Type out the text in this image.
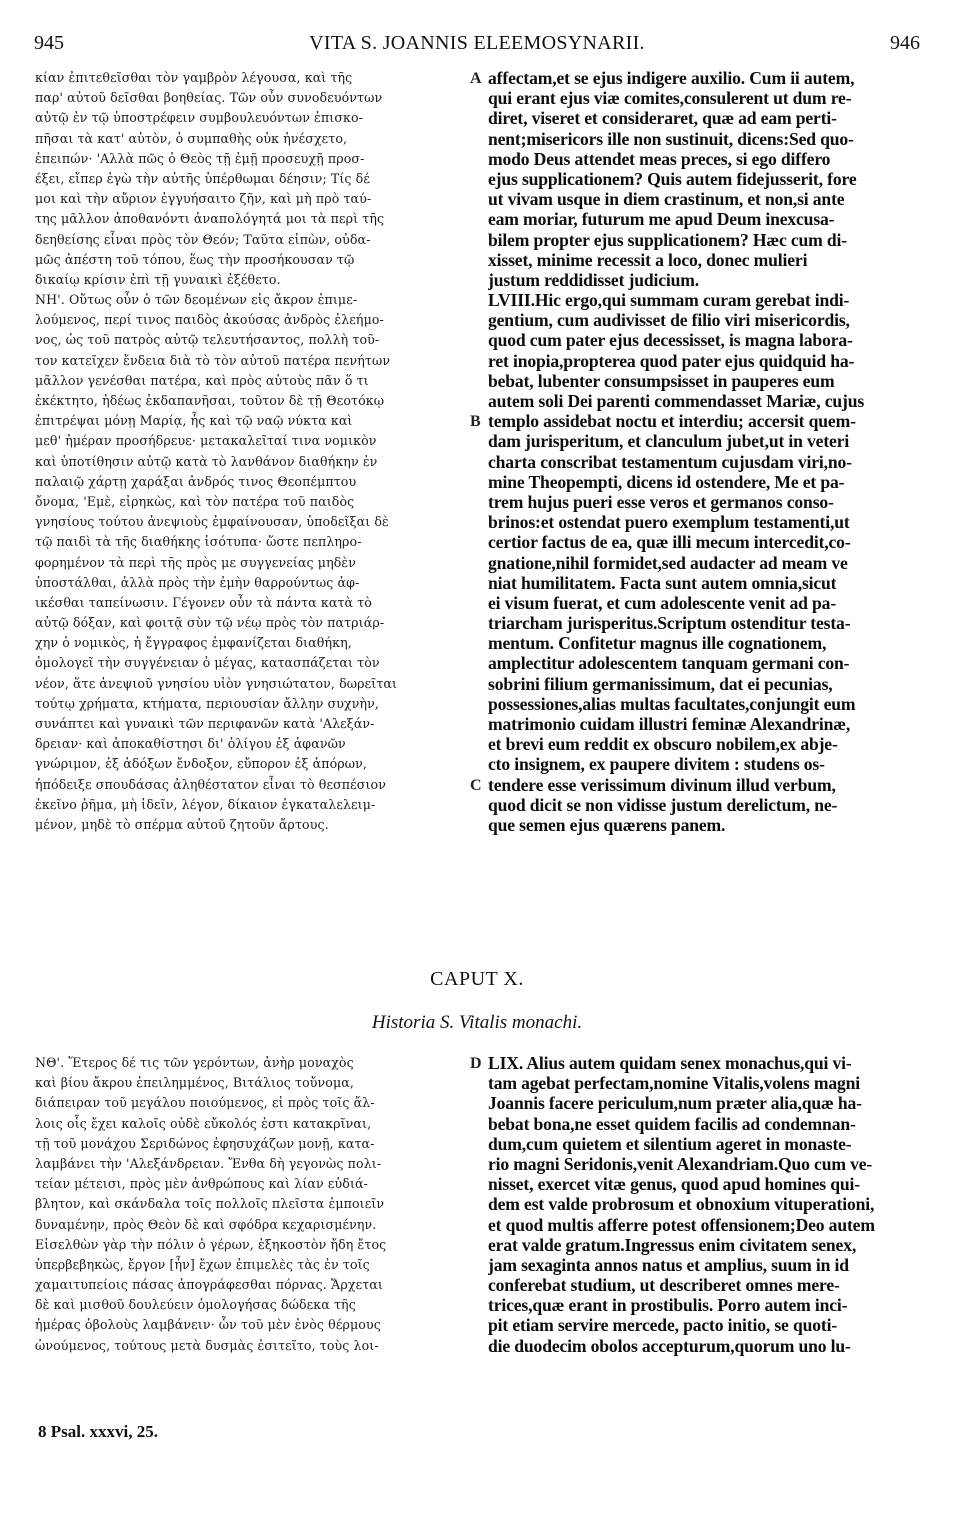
945	VITA S. JOANNIS ELEEMOSYNARII.	946
κίαν ἐπιτεθεῖσθαι τὸν γαμβρὸν λέγουσα, καὶ τῆς
παρ' αὐτοῦ δεῖσθαι βοηθείας. Τῶν οὖν συνοδευόντων
αὐτῷ ἐν τῷ ὑποστρέφειν συμβουλευόντων ἐπισκο-
πῆσαι τὰ κατ' αὐτὸν, ὁ συμπαθὴς οὐκ ἠνέσχετο,
ἐπειπών· 'Αλλὰ πῶς ὁ Θεὸς τῇ ἐμῇ προσευχῇ προσ-
έξει, εἴπερ ἐγὼ τὴν αὐτῆς ὑπέρθωμαι δέησιν; Τίς δέ
μοι καὶ τὴν αὔριον ἐγγυήσαιτο ζῆν, καὶ μὴ πρὸ ταύ-
της μᾶλλον ἀποθανόντι ἀναπολόγητά μοι τὰ περὶ τῆς
δεηθείσης εἶναι πρὸς τὸν Θεόν; Ταῦτα εἰπὼν, οὐδα-
μῶς ἀπέστη τοῦ τόπου, ἕως τὴν προσήκουσαν τῷ
δικαίῳ κρίσιν ἐπὶ τῇ γυναικὶ ἐξέθετο.
ΝΗ'. Οὕτως οὖν ὁ τῶν δεομένων εἰς ἄκρον ἐπιμε-
λούμενος, περί τινος παιδὸς ἀκούσας ἀνδρὸς ἐλεήμο-
νος, ὡς τοῦ πατρὸς αὐτῷ τελευτήσαντος, πολλὴ τοῦ-
τον κατεῖχεν ἔνδεια διὰ τὸ τὸν αὐτοῦ πατέρα πενήτων
μᾶλλον γενέσθαι πατέρα, καὶ πρὸς αὐτοὺς πᾶν ὅ τι
ἐκέκτητο, ἡδέως ἐκδαπανῆσαι, τοῦτον δὲ τῇ Θεοτόκῳ
ἐπιτρέψαι μόνῃ Μαρίᾳ, ἧς καὶ τῷ ναῷ νύκτα καὶ
μεθ' ἡμέραν προσήδρευε· μετακαλεῖταί τινα νομικὸν
καὶ ὑποτίθησιν αὐτῷ κατὰ τὸ λανθάνον διαθήκην ἐν
παλαιῷ χάρτῃ χαράξαι ἀνδρός τινος Θεοπέμπτου
ὄνομα, 'Εμὲ, εἰρηκὼς, καὶ τὸν πατέρα τοῦ παιδὸς
γνησίους τούτου ἀνεψιοὺς ἐμφαίνουσαν, ὑποδεῖξαι δὲ
τῷ παιδὶ τὰ τῆς διαθήκης ἰσότυπα· ὥστε πεπληρο-
φορημένον τὰ περὶ τῆς πρὸς με συγγενείας μηδὲν
ὑποστάλθαι, ἀλλὰ πρὸς τὴν ἐμὴν θαρρούντως ἀφ-
ικέσθαι ταπείνωσιν. Γέγονεν οὖν τὰ πάντα κατὰ τὸ
αὐτῷ δόξαν, καὶ φοιτᾷ σὺν τῷ νέῳ πρὸς τὸν πατριάρ-
χην ὁ νομικὸς, ἡ ἔγγραφος ἐμφανίζεται διαθήκη,
ὁμολογεῖ τὴν συγγένειαν ὁ μέγας, κατασπάζεται τὸν
νέον, ἅτε ἀνεψιοῦ γνησίου υἱὸν γνησιώτατον, δωρεῖται
τούτῳ χρήματα, κτήματα, περιουσίαν ἄλλην συχνὴν,
συνάπτει καὶ γυναικὶ τῶν περιφανῶν κατὰ 'Αλεξάν-
δρειαν· καὶ ἀποκαθίστησι δι' ὀλίγου ἐξ ἀφανῶν
γνώριμον, ἐξ ἀδόξων ἔνδοξον, εὔπορον ἐξ ἀπόρων,
ἠπόδειξε σπουδάσας ἀληθέστατον εἶναι τὸ θεσπέσιον
ἐκεῖνο ῥῆμα, μὴ ἰδεῖν, λέγον, δίκαιον ἐγκαταλελειμ-
μένον, μηδὲ τὸ σπέρμα αὐτοῦ ζητοῦν ἄρτους.
affectam,et se ejus indigere auxilio. Cum ii autem,
qui erant ejus viæ comites,consulerent ut dum re-
diret, viseret et consideraret, quæ ad eam perti-
nent;misericors ille non sustinuit, dicens:Sed quo-
modo Deus attendet meas preces, si ego differo
ejus supplicationem? Quis autem fidejusserit, fore
ut vivam usque in diem crastinum, et non,si ante
eam moriar, futurum me apud Deum inexcusa-
bilem propter ejus supplicationem? Hæc cum di-
xisset, minime recessit a loco, donec mulieri
justum reddidisset judicium.
LVIII.Hic ergo,qui summam curam gerebat indi-
gentium, cum audivisset de filio viri misericordis,
quod cum pater ejus decessisset, is magna labora-
ret inopia,propterea quod pater ejus quidquid ha-
bebat, lubenter consumpsisset in pauperes eum
autem soli Dei parenti commendasset Mariæ, cujus
templo assidebat noctu et interdiu; accersit quem-
dam jurisperitum, et clanculum jubet,ut in veteri
charta conscribat testamentum cujusdam viri,no-
mine Theopempti, dicens id ostendere, Me et pa-
trem hujus pueri esse veros et germanos conso-
brinos:et ostendat puero exemplum testamenti,ut
certior factus de ea, quæ illi mecum intercedit,co-
gnatione,nihil formidet,sed audacter ad meam ve
niat humilitatem. Facta sunt autem omnia,sicut
ei visum fuerat, et cum adolescente venit ad pa-
triarcham jurisperitus.Scriptum ostenditur testa-
mentum. Confitetur magnus ille cognationem,
amplectitur adolescentem tanquam germani con-
sobrini filium germanissimum, dat ei pecunias,
possessiones,alias multas facultates,conjungit eum
matrimonio cuidam illustri feminæ Alexandrinæ,
et brevi eum reddit ex obscuro nobilem,ex abje-
cto insignem, ex paupere divitem : studens os-
tendere esse verissimum divinum illud verbum,
quod dicit se non vidisse justum derelictum, ne-
que semen ejus quærens panem.
A
B
C
D
CAPUT X.
Historia S. Vitalis monachi.
ΝΘ'. Ἕτερος δέ τις τῶν γερόντων, ἀνὴρ μοναχὸς
καὶ βίου ἄκρου ἐπειλημμένος, Βιτάλιος τοὔνομα,
διάπειραν τοῦ μεγάλου ποιούμενος, εἰ πρὸς τοῖς ἄλ-
λοις οἷς ἔχει καλοῖς οὐδὲ εὔκολός ἐστι κατακρῖναι,
τῇ τοῦ μονάχου Σεριδώνος ἐφησυχάζων μονῇ, κατα-
λαμβάνει τὴν 'Αλεξάνδρειαν. Ἔνθα δὴ γεγονὼς πολι-
τείαν μέτεισι, πρὸς μὲν ἀνθρώπους καὶ λίαν εὐδιά-
βλητον, καὶ σκάνδαλα τοῖς πολλοῖς πλεῖστα ἐμποιεῖν
δυναμένην, πρὸς Θεὸν δὲ καὶ σφόδρα κεχαρισμένην.
Εἰσελθὼν γὰρ τὴν πόλιν ὁ γέρων, ἑξηκοστὸν ἤδη ἔτος
ὑπερβεβηκὼς, ἔργον [ἦν] ἔχων ἐπιμελὲς τὰς ἐν τοῖς
χαμαιτυπείοις πάσας ἀπογράφεσθαι πόρνας. Ἄρχεται
δὲ καὶ μισθοῦ δουλεύειν ὁμολογήσας δώδεκα τῆς
ἡμέρας ὀβολοὺς λαμβάνειν· ὧν τοῦ μὲν ἑνὸς θέρμους
ὠνούμενος, τούτους μετὰ δυσμὰς ἐσιτεῖτο, τοὺς λοι-
LIX. Alius autem quidam senex monachus,qui vi-
tam agebat perfectam,nomine Vitalis,volens magni
Joannis facere periculum,num præter alia,quæ ha-
bebat bona,ne esset quidem facilis ad condemnan-
dum,cum quietem et silentium ageret in monaste-
rio magni Seridonis,venit Alexandriam.Quo cum ve-
nisset, exercet vitæ genus, quod apud homines qui-
dem est valde probrosum et obnoxium vituperationi,
et quod multis afferre potest offensionem;Deo autem
erat valde gratum.Ingressus enim civitatem senex,
jam sexaginta annos natus et amplius, suum in id
conferebat studium, ut describeret omnes mere-
trices,quæ erant in prostibulis. Porro autem inci-
pit etiam servire mercede, pacto initio, se quoti-
die duodecim obolos accepturum,quorum uno lu-
8 Psal. xxxvi, 25.
